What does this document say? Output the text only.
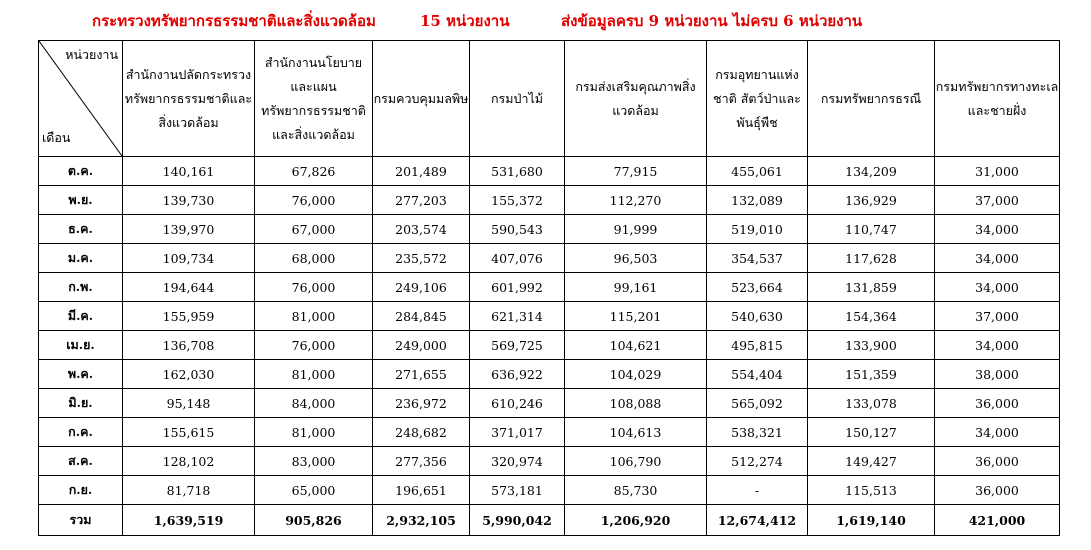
กระทรวงทรัพยากรธรรมชาติและสิ่งแวดล้อม	15 หน่วยงาน	ส่งข้อมูลครบ 9 หน่วยงาน ไม่ครบ 6 หน่วยงาน
หน่วยงาน
เดือน	สำนักงานปลัดกระทรวงทรัพยากรธรรมชาติและสิ่งแวดล้อม	สำนักงานนโยบายและแผนทรัพยากรธรรมชาติและสิ่งแวดล้อม	กรมควบคุมมลพิษ	กรมป่าไม้	กรมส่งเสริมคุณภาพสิ่งแวดล้อม	กรมอุทยานแห่งชาติ สัตว์ป่าและพันธุ์พืช	กรมทรัพยากรธรณี	กรมทรัพยากรทางทะเลและชายฝั่ง
ต.ค.	140,161	67,826	201,489	531,680	77,915	455,061	134,209	31,000
พ.ย.	139,730	76,000	277,203	155,372	112,270	132,089	136,929	37,000
ธ.ค.	139,970	67,000	203,574	590,543	91,999	519,010	110,747	34,000
ม.ค.	109,734	68,000	235,572	407,076	96,503	354,537	117,628	34,000
ก.พ.	194,644	76,000	249,106	601,992	99,161	523,664	131,859	34,000
มี.ค.	155,959	81,000	284,845	621,314	115,201	540,630	154,364	37,000
เม.ย.	136,708	76,000	249,000	569,725	104,621	495,815	133,900	34,000
พ.ค.	162,030	81,000	271,655	636,922	104,029	554,404	151,359	38,000
มิ.ย.	95,148	84,000	236,972	610,246	108,088	565,092	133,078	36,000
ก.ค.	155,615	81,000	248,682	371,017	104,613	538,321	150,127	34,000
ส.ค.	128,102	83,000	277,356	320,974	106,790	512,274	149,427	36,000
ก.ย.	81,718	65,000	196,651	573,181	85,730	-	115,513	36,000
รวม	1,639,519	905,826	2,932,105	5,990,042	1,206,920	12,674,412	1,619,140	421,000
